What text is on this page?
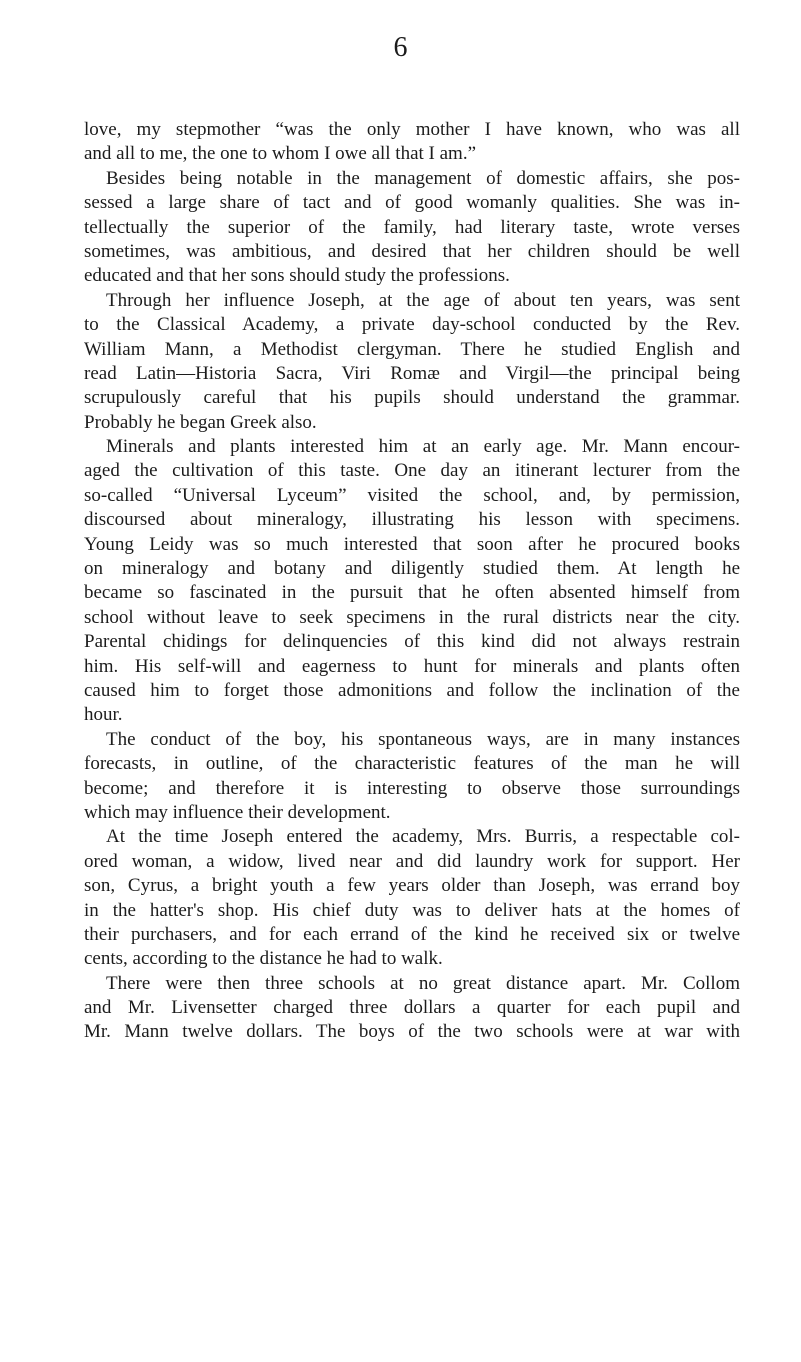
6
love, my stepmother “was the only mother I have known, who was all
and all to me, the one to whom I owe all that I am.”
Besides being notable in the management of domestic affairs, she pos-
sessed a large share of tact and of good womanly qualities. She was in-
tellectually the superior of the family, had literary taste, wrote verses
sometimes, was ambitious, and desired that her children should be well
educated and that her sons should study the professions.
Through her influence Joseph, at the age of about ten years, was sent
to the Classical Academy, a private day-school conducted by the Rev.
William Mann, a Methodist clergyman. There he studied English and
read Latin—Historia Sacra, Viri Romæ and Virgil—the principal being
scrupulously careful that his pupils should understand the grammar.
Probably he began Greek also.
Minerals and plants interested him at an early age. Mr. Mann encour-
aged the cultivation of this taste. One day an itinerant lecturer from the
so-called “Universal Lyceum” visited the school, and, by permission,
discoursed about mineralogy, illustrating his lesson with specimens.
Young Leidy was so much interested that soon after he procured books
on mineralogy and botany and diligently studied them. At length he
became so fascinated in the pursuit that he often absented himself from
school without leave to seek specimens in the rural districts near the city.
Parental chidings for delinquencies of this kind did not always restrain
him. His self-will and eagerness to hunt for minerals and plants often
caused him to forget those admonitions and follow the inclination of the
hour.
The conduct of the boy, his spontaneous ways, are in many instances
forecasts, in outline, of the characteristic features of the man he will
become; and therefore it is interesting to observe those surroundings
which may influence their development.
At the time Joseph entered the academy, Mrs. Burris, a respectable col-
ored woman, a widow, lived near and did laundry work for support. Her
son, Cyrus, a bright youth a few years older than Joseph, was errand boy
in the hatter's shop. His chief duty was to deliver hats at the homes of
their purchasers, and for each errand of the kind he received six or twelve
cents, according to the distance he had to walk.
There were then three schools at no great distance apart. Mr. Collom
and Mr. Livensetter charged three dollars a quarter for each pupil and
Mr. Mann twelve dollars. The boys of the two schools were at war with
